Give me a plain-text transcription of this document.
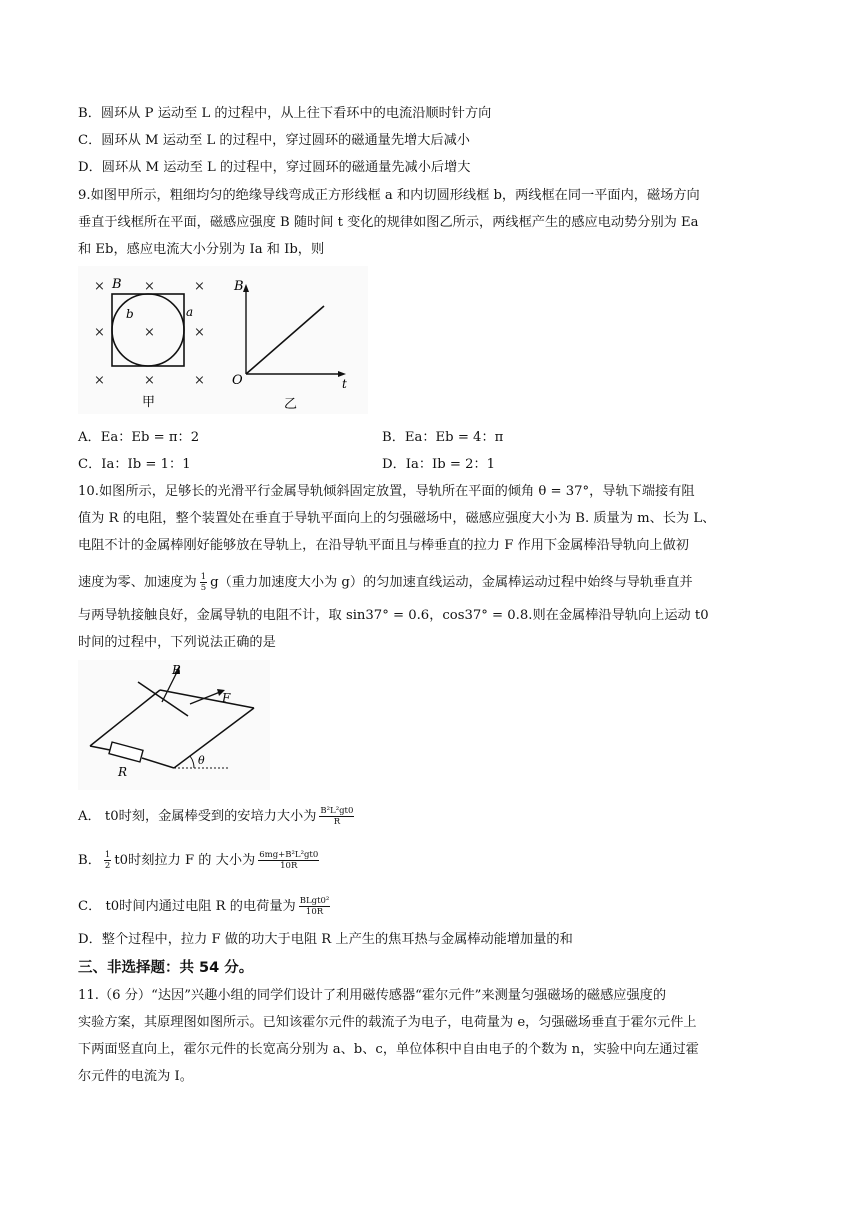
B．圆环从 P 运动至 L 的过程中，从上往下看环中的电流沿顺时针方向
C．圆环从 M 运动至 L 的过程中，穿过圆环的磁通量先增大后减小
D．圆环从 M 运动至 L 的过程中，穿过圆环的磁通量先减小后增大
9.如图甲所示，粗细均匀的绝缘导线弯成正方形线框 a 和内切圆形线框 b，两线框在同一平面内，磁场方向
垂直于线框所在平面，磁感应强度 B 随时间 t 变化的规律如图乙所示，两线框产生的感应电动势分别为 Ea
和 Eb，感应电流大小分别为 Ia 和 Ib，则
×	×	×
×	×	×
×	×	×
B
a
b
甲
B
O	t
乙
A．Ea：Eb = π：2	B．Ea：Eb = 4：π
C．Ia：Ib = 1：1	D．Ia：Ib = 2：1
10.如图所示，足够长的光滑平行金属导轨倾斜固定放置，导轨所在平面的倾角 θ = 37°，导轨下端接有阻
值为 R 的电阻，整个装置处在垂直于导轨平面向上的匀强磁场中，磁感应强度大小为 B. 质量为 m、长为 L、
电阻不计的金属棒刚好能够放在导轨上，在沿导轨平面且与棒垂直的拉力 F 作用下金属棒沿导轨向上做初
速度为零、加速度为 $\frac{1}{5} g$（重力加速度大小为 g）的匀加速直线运动，金属棒运动过程中始终与导轨垂直并
与两导轨接触良好，金属导轨的电阻不计，取 sin37° = 0.6，cos37° = 0.8.则在金属棒沿导轨向上运动 t0
时间的过程中，下列说法正确的是
B
F
R
θ
A． t0时刻，金属棒受到的安培力大小为 $\frac{\text{B²L²gt0}}{R}$
B． $\frac{1}{2} t0$时刻拉力 F 的 大小为 $\frac{\text{6mg+B²L²gt0}}{10R}$
C． t0时间内通过电阻 R 的电荷量为 $\frac{\text{BLgt0²}}{10R}$
D．整个过程中，拉力 F 做的功大于电阻 R 上产生的焦耳热与金属棒动能增加量的和
三、非选择题：共 54 分。
11.（6 分）“达因”兴趣小组的同学们设计了利用磁传感器“霍尔元件”来测量匀强磁场的磁感应强度的
实验方案，其原理图如图所示。已知该霍尔元件的载流子为电子，电荷量为 e，匀强磁场垂直于霍尔元件上
下两面竖直向上，霍尔元件的长宽高分别为 a、b、c，单位体积中自由电子的个数为 n，实验中向左通过霍
尔元件的电流为 I。
